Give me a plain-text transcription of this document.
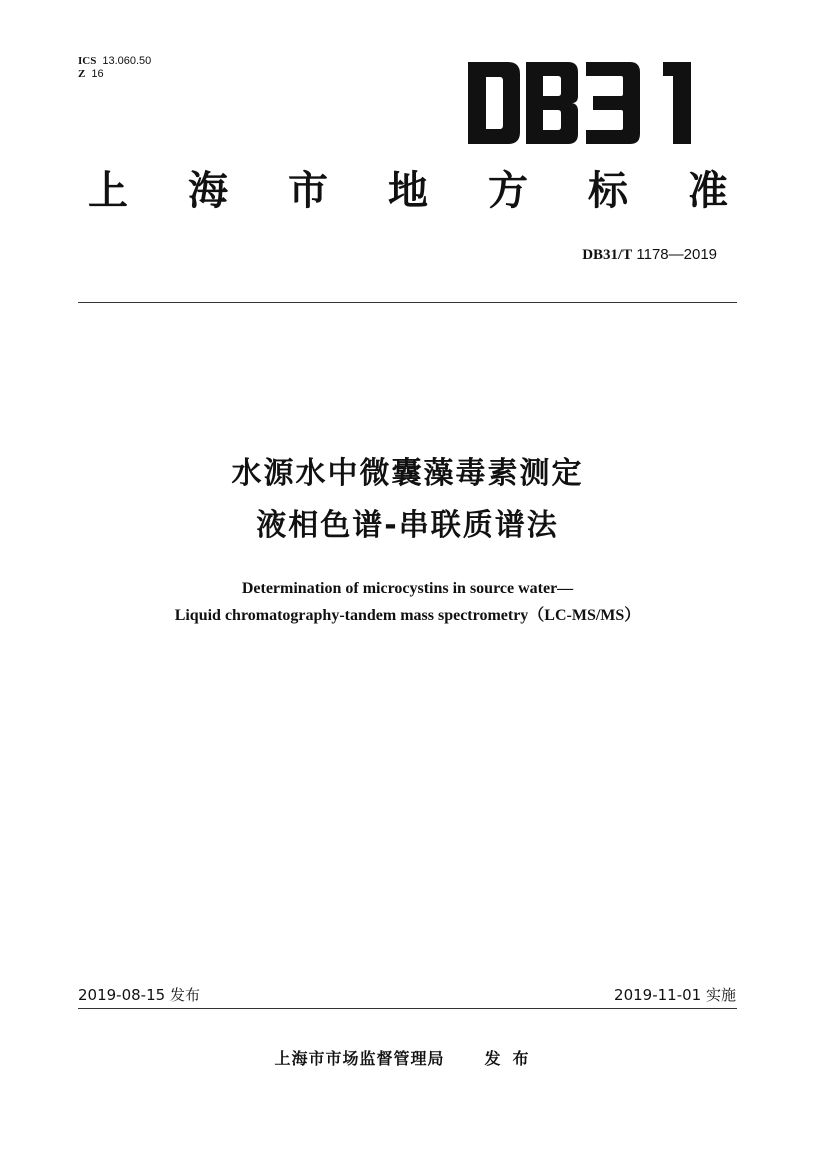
ICS 13.060.50
Z 16
上 海 市 地 方 标 准
DB31/T 1178—2019
水源水中微囊藻毒素测定
液相色谱-串联质谱法
Determination of microcystins in source water—
Liquid chromatography-tandem mass spectrometry（LC-MS/MS）
2019-08-15 发布	2019-11-01 实施
上海市市场监督管理局	发布
